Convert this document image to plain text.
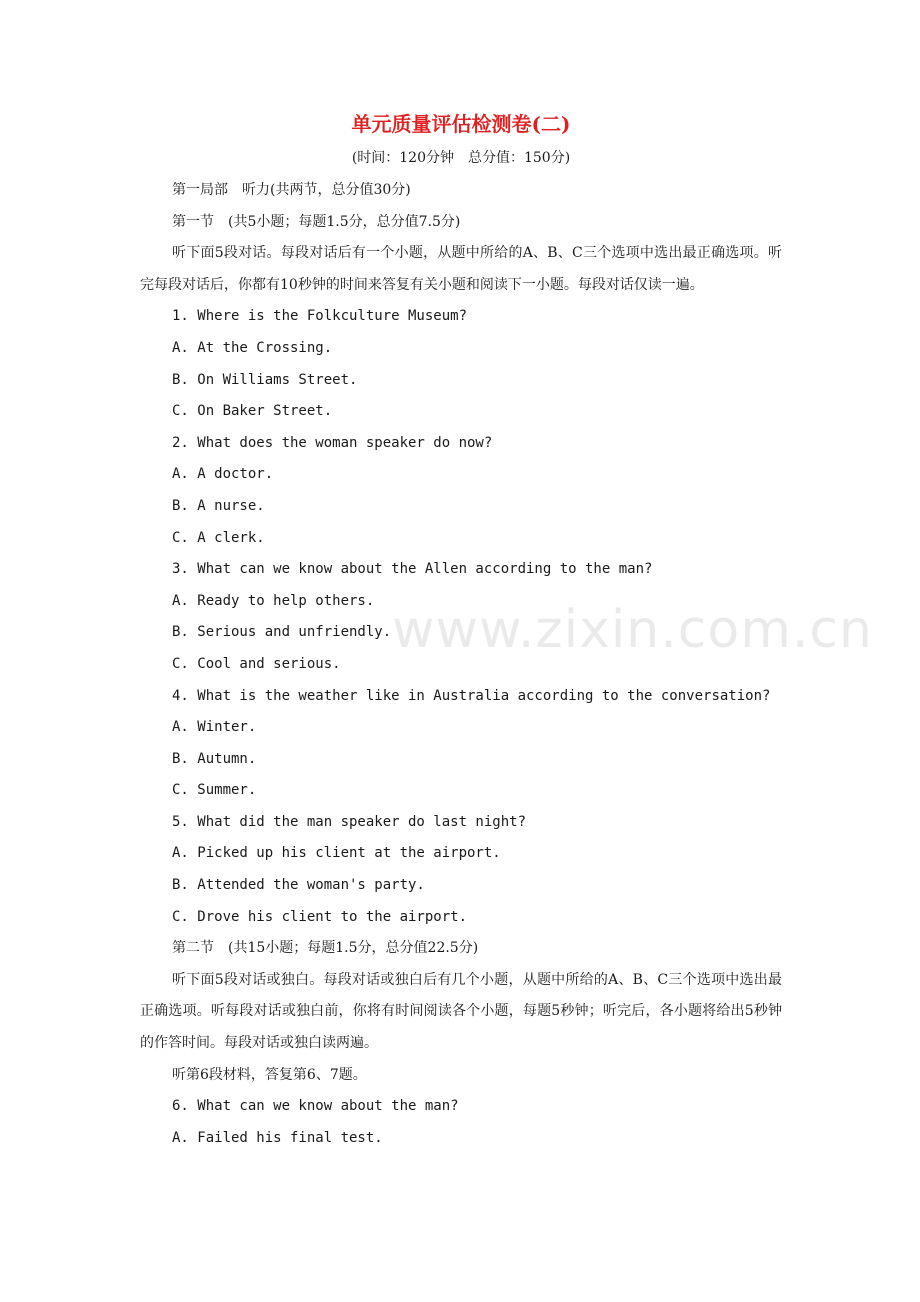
单元质量评估检测卷(二)
(时间：120分钟　总分值：150分)
第一局部　听力(共两节，总分值30分)
第一节　(共5小题；每题1.5分，总分值7.5分)
听下面5段对话。每段对话后有一个小题，从题中所给的A、B、C三个选项中选出最正确选项。听完每段对话后，你都有10秒钟的时间来答复有关小题和阅读下一小题。每段对话仅读一遍。
1. Where is the Folkculture Museum?
A. At the Crossing.
B. On Williams Street.
C. On Baker Street.
2. What does the woman speaker do now?
A. A doctor.
B. A nurse.
C. A clerk.
3. What can we know about the Allen according to the man?
A. Ready to help others.
B. Serious and unfriendly.
C. Cool and serious.
4. What is the weather like in Australia according to the conversation?
A. Winter.
B. Autumn.
C. Summer.
5. What did the man speaker do last night?
A. Picked up his client at the airport.
B. Attended the woman's party.
C. Drove his client to the airport.
第二节　(共15小题；每题1.5分，总分值22.5分)
听下面5段对话或独白。每段对话或独白后有几个小题，从题中所给的A、B、C三个选项中选出最正确选项。听每段对话或独白前，你将有时间阅读各个小题，每题5秒钟；听完后，各小题将给出5秒钟的作答时间。每段对话或独白读两遍。
听第6段材料，答复第6、7题。
6. What can we know about the man?
A. Failed his final test.
www.zixin.com.cn
